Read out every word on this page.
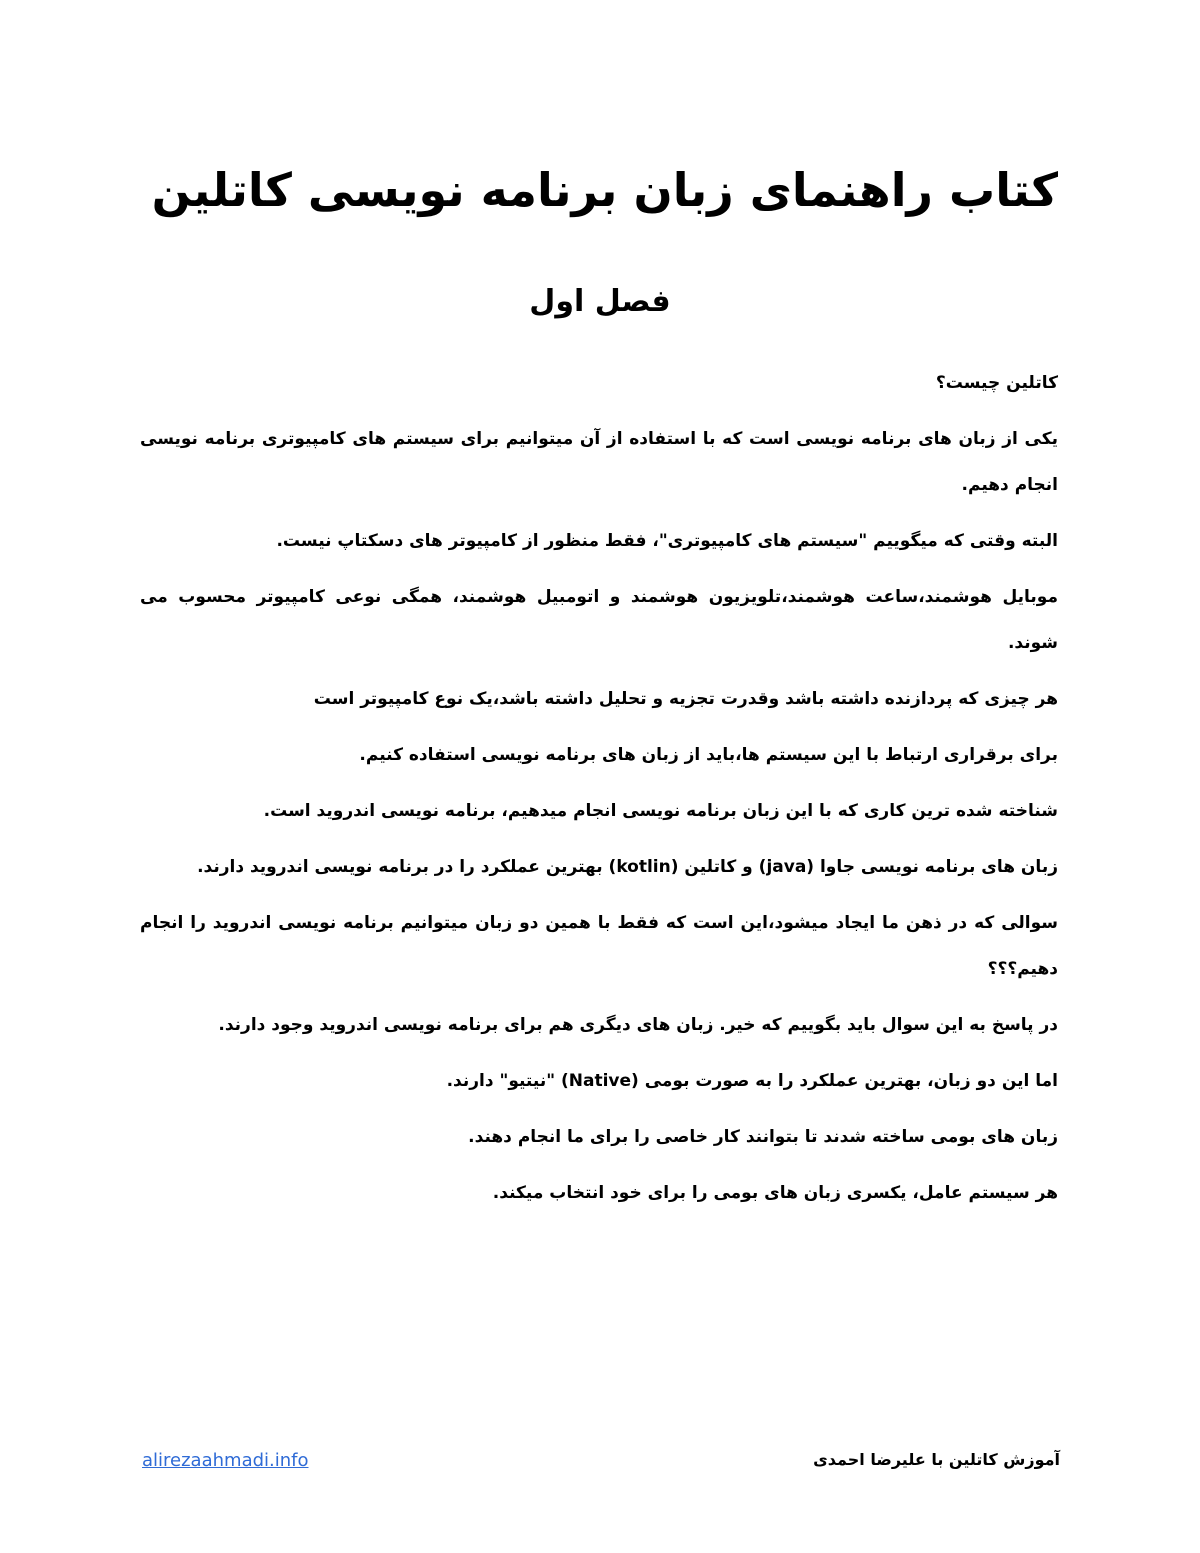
کتاب راهنمای زبان برنامه نویسی کاتلین
فصل اول

کاتلین چیست؟

یکی از زبان های برنامه نویسی است که با استفاده از آن میتوانیم برای سیستم های کامپیوتری برنامه نویسی انجام دهیم.

البته وقتی که میگوییم "سیستم های کامپیوتری"، فقط منظور از کامپیوتر های دسکتاپ نیست.

موبایل هوشمند،ساعت هوشمند،تلویزیون هوشمند و اتومبیل هوشمند، همگی نوعی کامپیوتر محسوب می شوند.

هر چیزی که پردازنده داشته باشد وقدرت تجزیه و تحلیل داشته باشد،یک نوع کامپیوتر است

برای برقراری ارتباط با این سیستم ها،باید از زبان های برنامه نویسی استفاده کنیم.

شناخته شده ترین کاری که با این زبان برنامه نویسی انجام میدهیم، برنامه نویسی اندروید است.

زبان های برنامه نویسی جاوا (java) و کاتلین (kotlin) بهترین عملکرد را در برنامه نویسی اندروید دارند.

سوالی که در ذهن ما ایجاد میشود،این است که فقط با همین دو زبان میتوانیم برنامه نویسی اندروید را انجام دهیم؟؟؟

در پاسخ به این سوال باید بگوییم که خیر. زبان های دیگری هم برای برنامه نویسی اندروید وجود دارند.

اما این دو زبان، بهترین عملکرد را به صورت بومی (Native) "نیتیو" دارند.

زبان های بومی ساخته شدند تا بتوانند کار خاصی را برای ما انجام دهند.

هر سیستم عامل، یکسری زبان های بومی را برای خود انتخاب میکند.

آموزش کاتلین با علیرضا احمدی
alirezaahmadi.info
